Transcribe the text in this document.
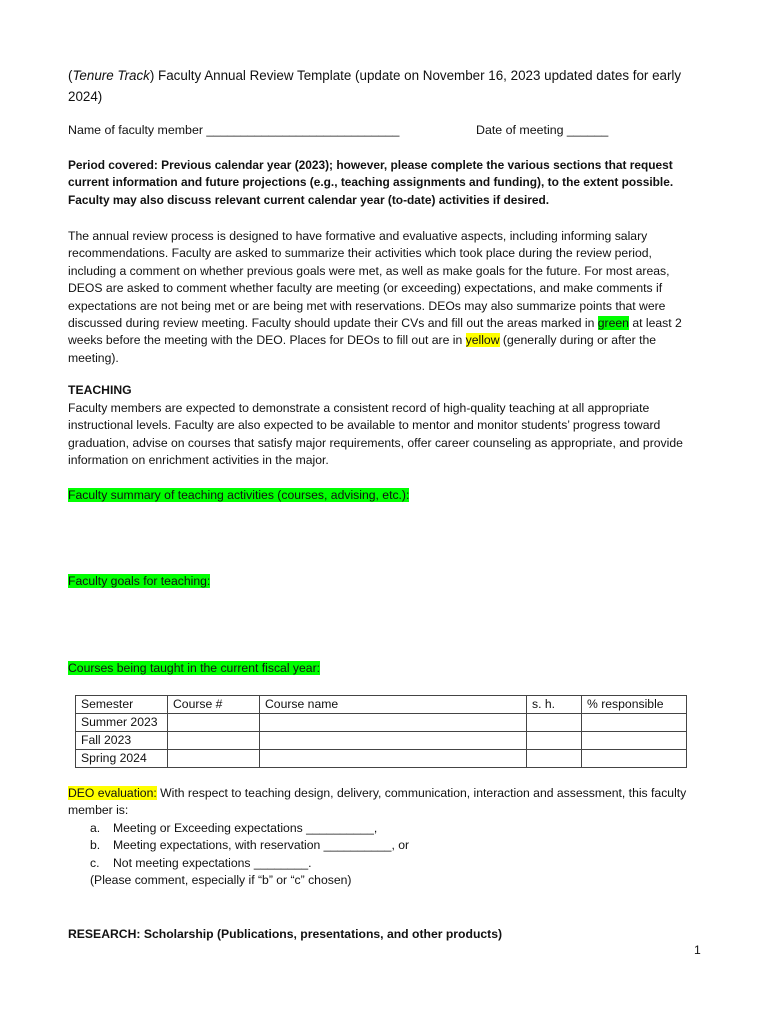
(Tenure Track) Faculty Annual Review Template (update on November 16, 2023 updated dates for early 2024)
Name of faculty member ____________________________	Date of meeting ______
Period covered: Previous calendar year (2023); however, please complete the various sections that request current information and future projections (e.g., teaching assignments and funding), to the extent possible. Faculty may also discuss relevant current calendar year (to-date) activities if desired.
The annual review process is designed to have formative and evaluative aspects, including informing salary recommendations. Faculty are asked to summarize their activities which took place during the review period, including a comment on whether previous goals were met, as well as make goals for the future. For most areas, DEOS are asked to comment whether faculty are meeting (or exceeding) expectations, and make comments if expectations are not being met or are being met with reservations. DEOs may also summarize points that were discussed during review meeting. Faculty should update their CVs and fill out the areas marked in green at least 2 weeks before the meeting with the DEO. Places for DEOs to fill out are in yellow (generally during or after the meeting).
TEACHING
Faculty members are expected to demonstrate a consistent record of high-quality teaching at all appropriate instructional levels. Faculty are also expected to be available to mentor and monitor students’ progress toward graduation, advise on courses that satisfy major requirements, offer career counseling as appropriate, and provide information on enrichment activities in the major.
Faculty summary of teaching activities (courses, advising, etc.):
Faculty goals for teaching:
Courses being taught in the current fiscal year:
Semester	Course #	Course name	s. h.	% responsible
Summer 2023				
Fall 2023				
Spring 2024				
DEO evaluation: With respect to teaching design, delivery, communication, interaction and assessment, this faculty member is:
a. Meeting or Exceeding expectations __________,
b. Meeting expectations, with reservation __________, or
c. Not meeting expectations ________.
(Please comment, especially if “b” or “c” chosen)
RESEARCH: Scholarship (Publications, presentations, and other products)
1
